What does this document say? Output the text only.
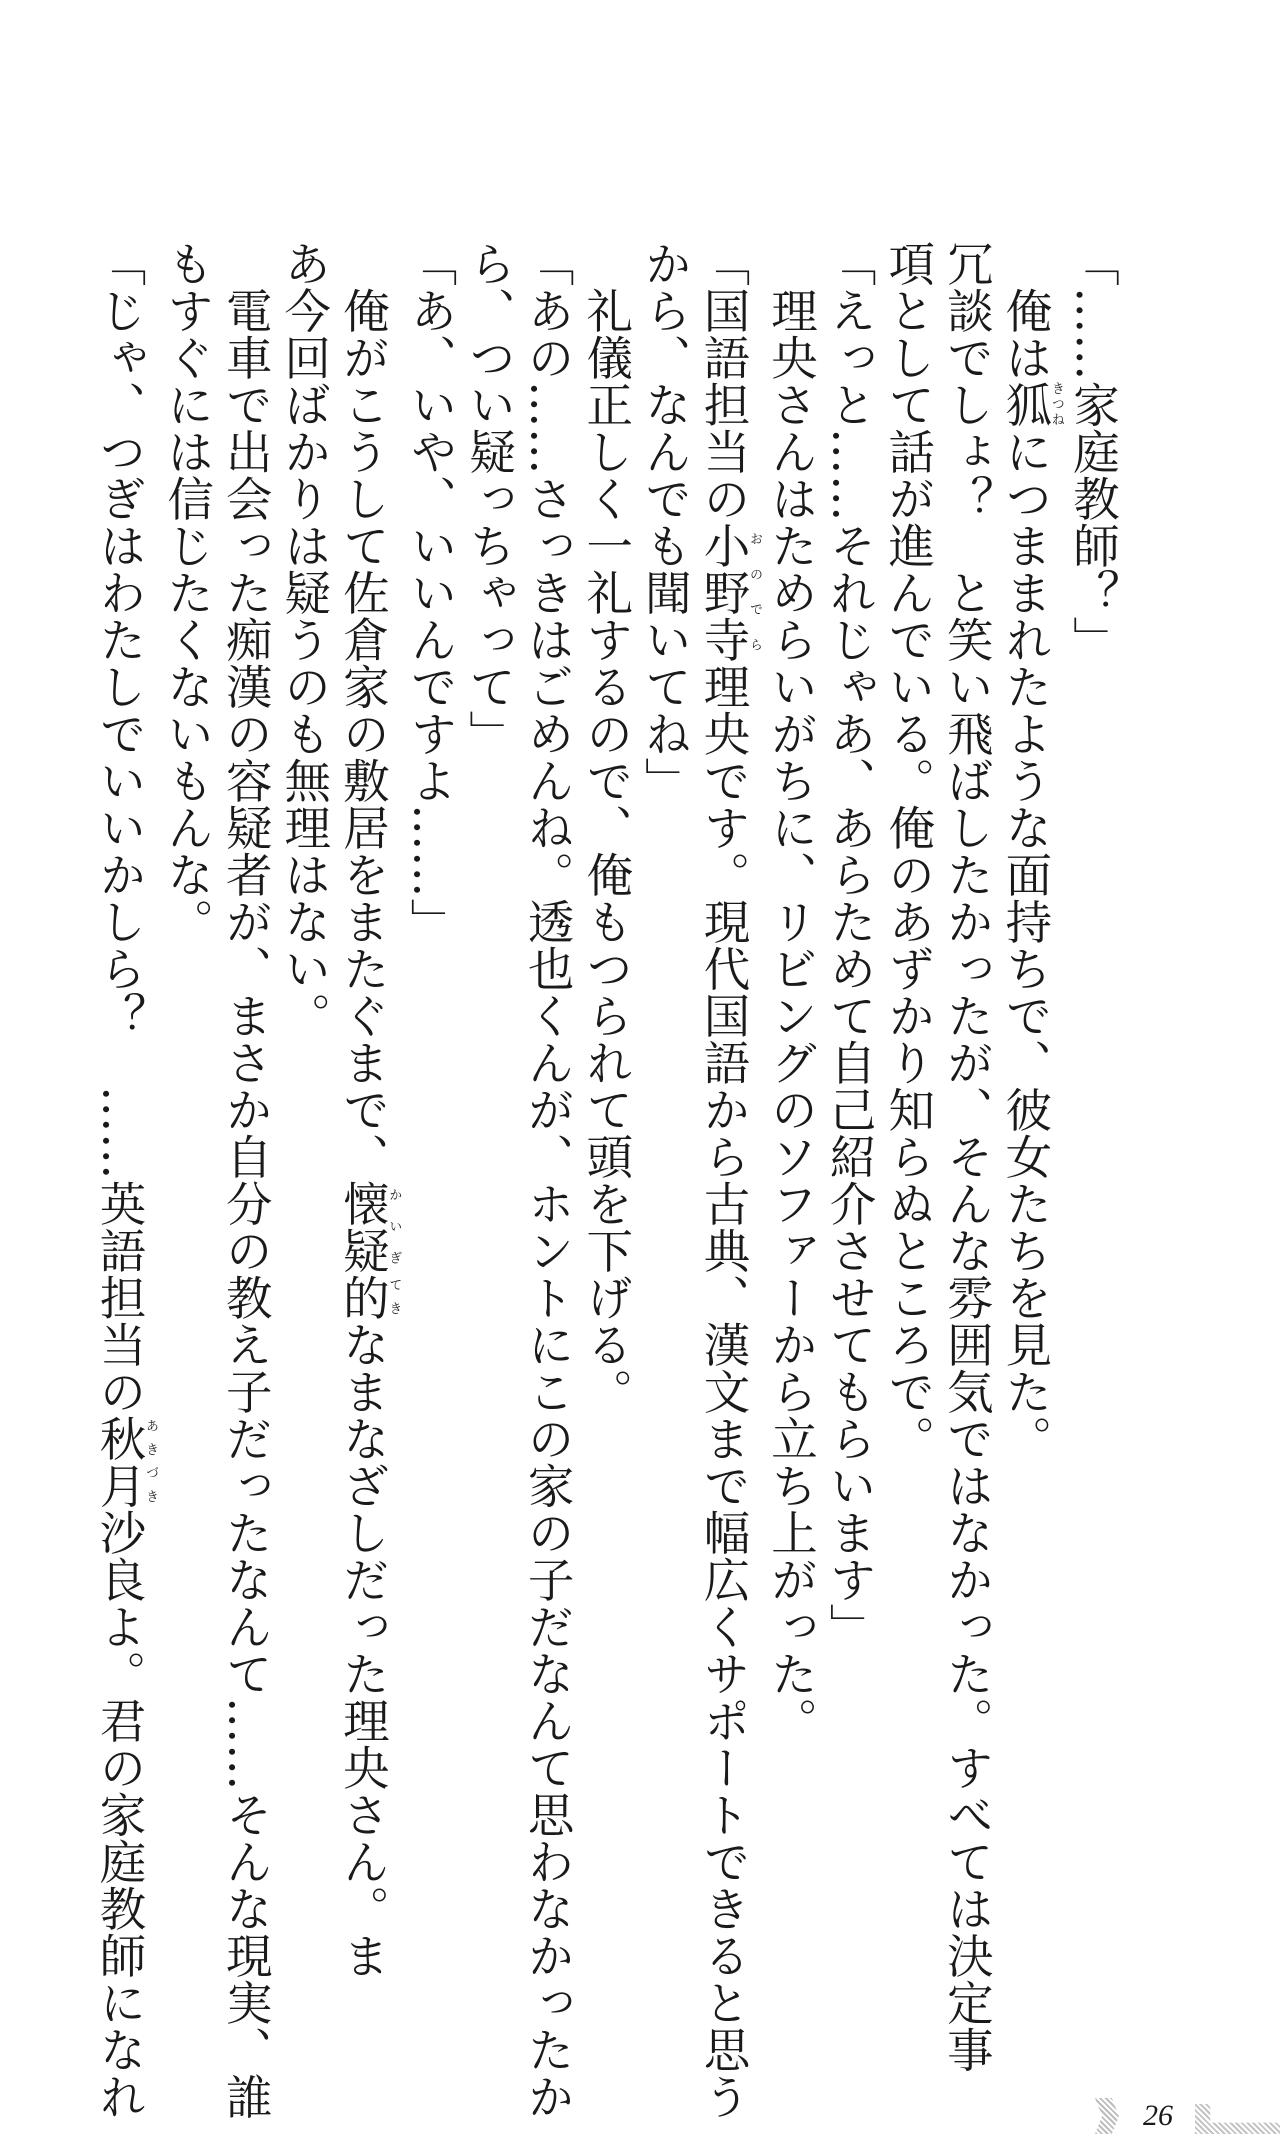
「……家庭教師？」
　俺は狐きつねにつままれたような面持ちで、彼女たちを見た。
冗談でしょ？　と笑い飛ばしたかったが、そんな雰囲気ではなかった。すべては決定事
項として話が進んでいる。俺のあずかり知らぬところで。
「えっと……それじゃあ、あらためて自己紹介させてもらいます」
　理央さんはためらいがちに、リビングのソファーから立ち上がった。
「国語担当の小野寺おのでら理央です。現代国語から古典、漢文まで幅広くサポートできると思う
から、なんでも聞いてね」
　礼儀正しく一礼するので、俺もつられて頭を下げる。
「あの……さっきはごめんね。透也くんが、ホントにこの家の子だなんて思わなかったか
ら、つい疑っちゃって」
「あ、いや、いいんですよ……」
　俺がこうして佐倉家の敷居をまたぐまで、懐疑かいぎ的てきなまなざしだった理央さん。ま
あ今回ばかりは疑うのも無理はない。
　電車で出会った痴漢の容疑者が、まさか自分の教え子だったなんて……そんな現実、誰
もすぐには信じたくないもんな。
「じゃ、つぎはわたしでいいかしら？　……英語担当の秋月あきづき沙良よ。君の家庭教師になれ	26
